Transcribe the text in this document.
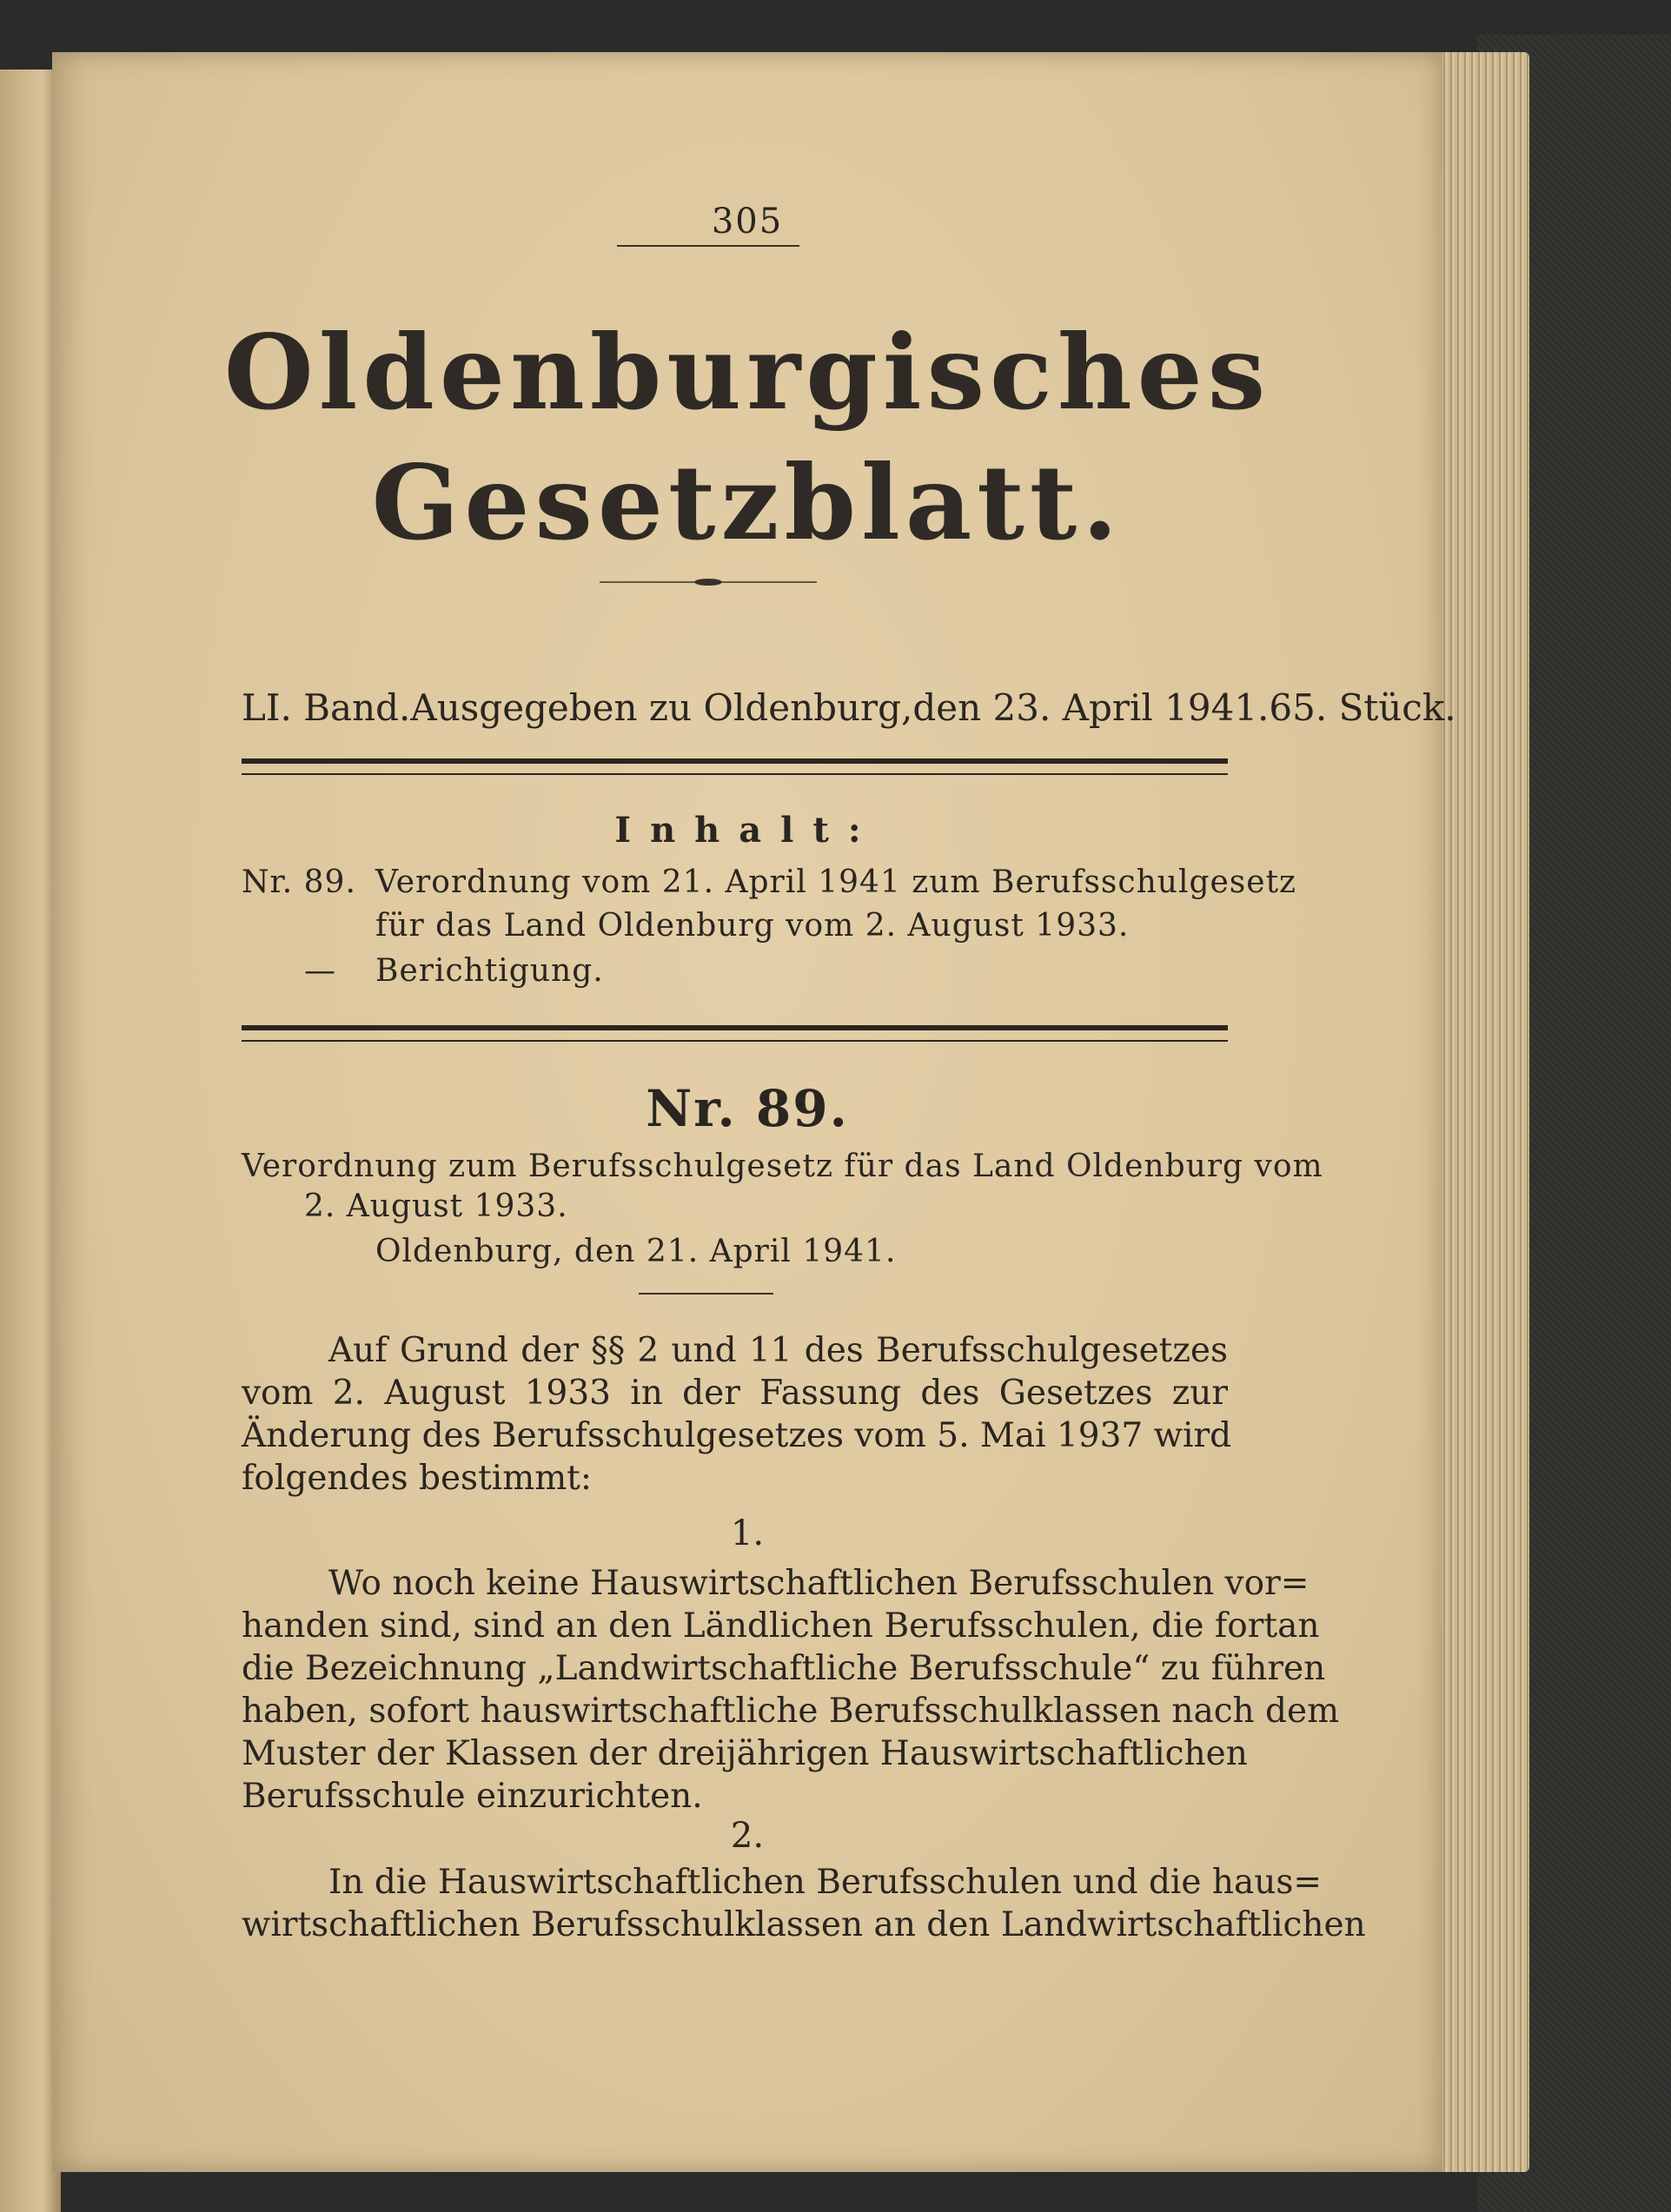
305
Oldenburgisches
Gesetzblatt.
LI. Band. Ausgegeben zu Oldenburg, den 23. April 1941. 65. Stück.
Inhalt:
Nr. 89. Verordnung vom 21. April 1941 zum Berufsschulgesetz
für das Land Oldenburg vom 2. August 1933.
— Berichtigung.
Nr. 89.
Verordnung zum Berufsschulgesetz für das Land Oldenburg vom
2. August 1933.
Oldenburg, den 21. April 1941.
Auf Grund der §§ 2 und 11 des Berufsschulgesetzes
vom 2. August 1933 in der Fassung des Gesetzes zur
Änderung des Berufsschulgesetzes vom 5. Mai 1937 wird
folgendes bestimmt:
1.
Wo noch keine Hauswirtschaftlichen Berufsschulen vor=
handen sind, sind an den Ländlichen Berufsschulen, die fortan
die Bezeichnung „Landwirtschaftliche Berufsschule“ zu führen
haben, sofort hauswirtschaftliche Berufsschulklassen nach dem
Muster der Klassen der dreijährigen Hauswirtschaftlichen
Berufsschule einzurichten.
2.
In die Hauswirtschaftlichen Berufsschulen und die haus=
wirtschaftlichen Berufsschulklassen an den Landwirtschaftlichen
